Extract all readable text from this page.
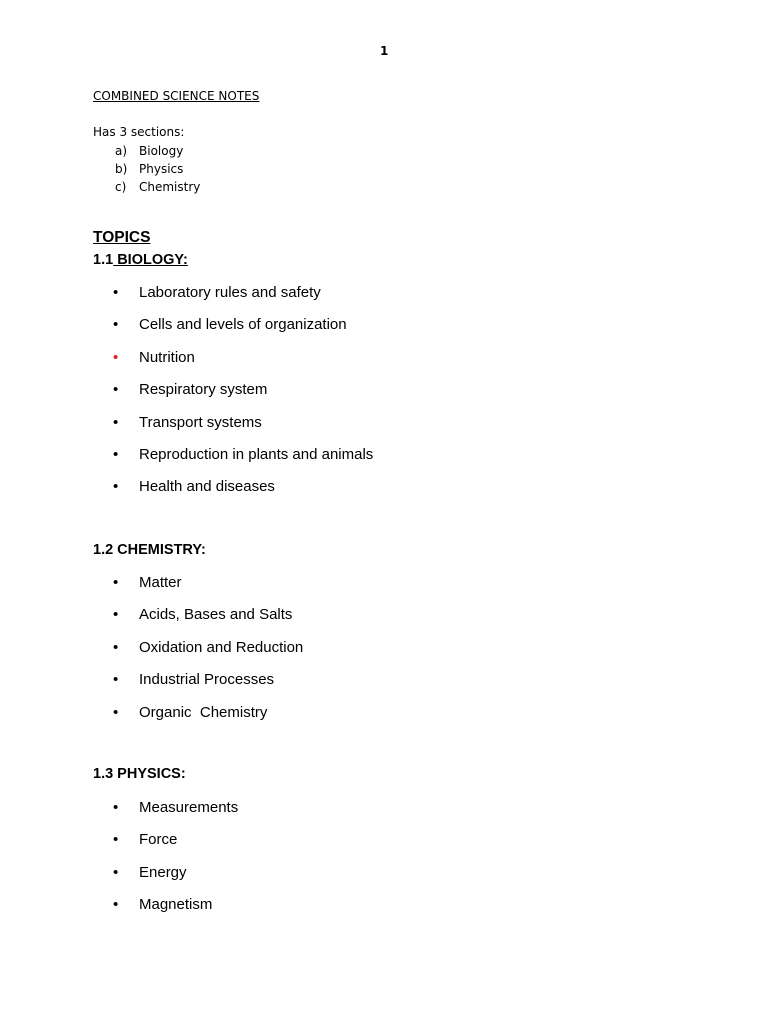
1
COMBINED SCIENCE NOTES
Has 3 sections:
a) Biology
b) Physics
c)	Chemistry
TOPICS
1.1 BIOLOGY:
•	Laboratory rules and safety
•	Cells and levels of organization
•	Nutrition
•	Respiratory system
•	Transport systems
•	Reproduction in plants and animals
•	Health and diseases
1.2 CHEMISTRY:
•	Matter
•	Acids, Bases and Salts
•	Oxidation and Reduction
•	Industrial Processes
•	Organic  Chemistry
1.3 PHYSICS:
•	Measurements
•	Force
•	Energy
•	Magnetism
